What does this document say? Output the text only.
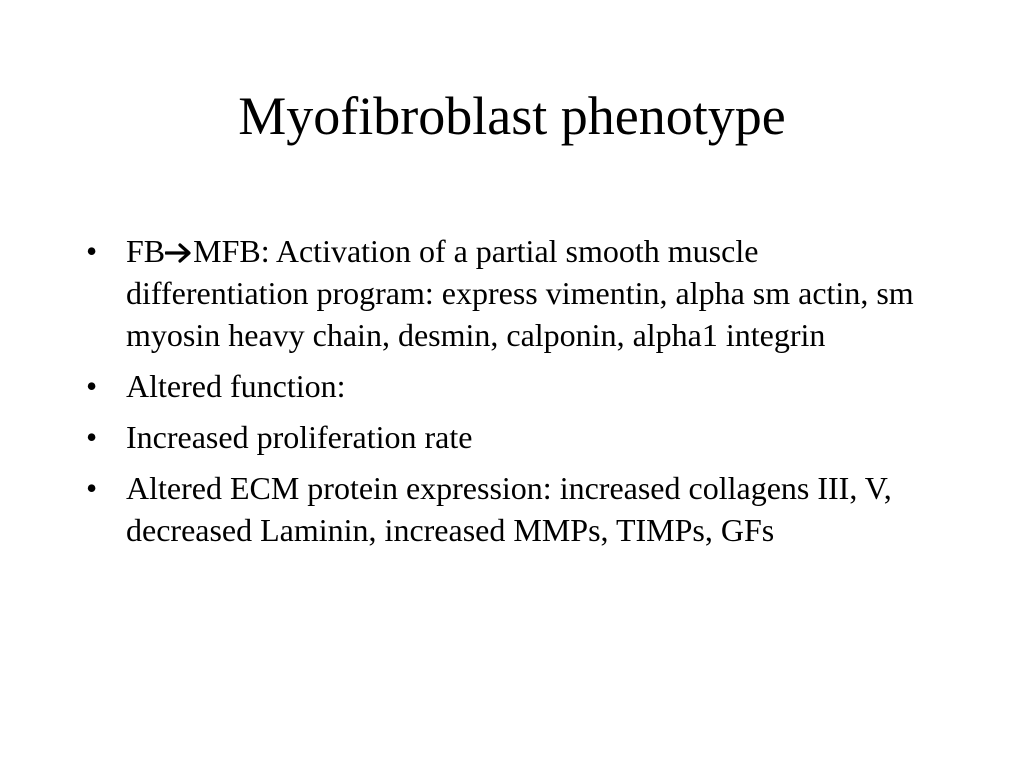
Myofibroblast phenotype
• FB MFB: Activation of a partial smooth muscle differentiation program: express vimentin, alpha sm actin, sm myosin heavy chain, desmin, calponin, alpha1 integrin
• Altered function:
• Increased proliferation rate
• Altered ECM protein expression: increased collagens III, V, decreased Laminin, increased MMPs, TIMPs, GFs
